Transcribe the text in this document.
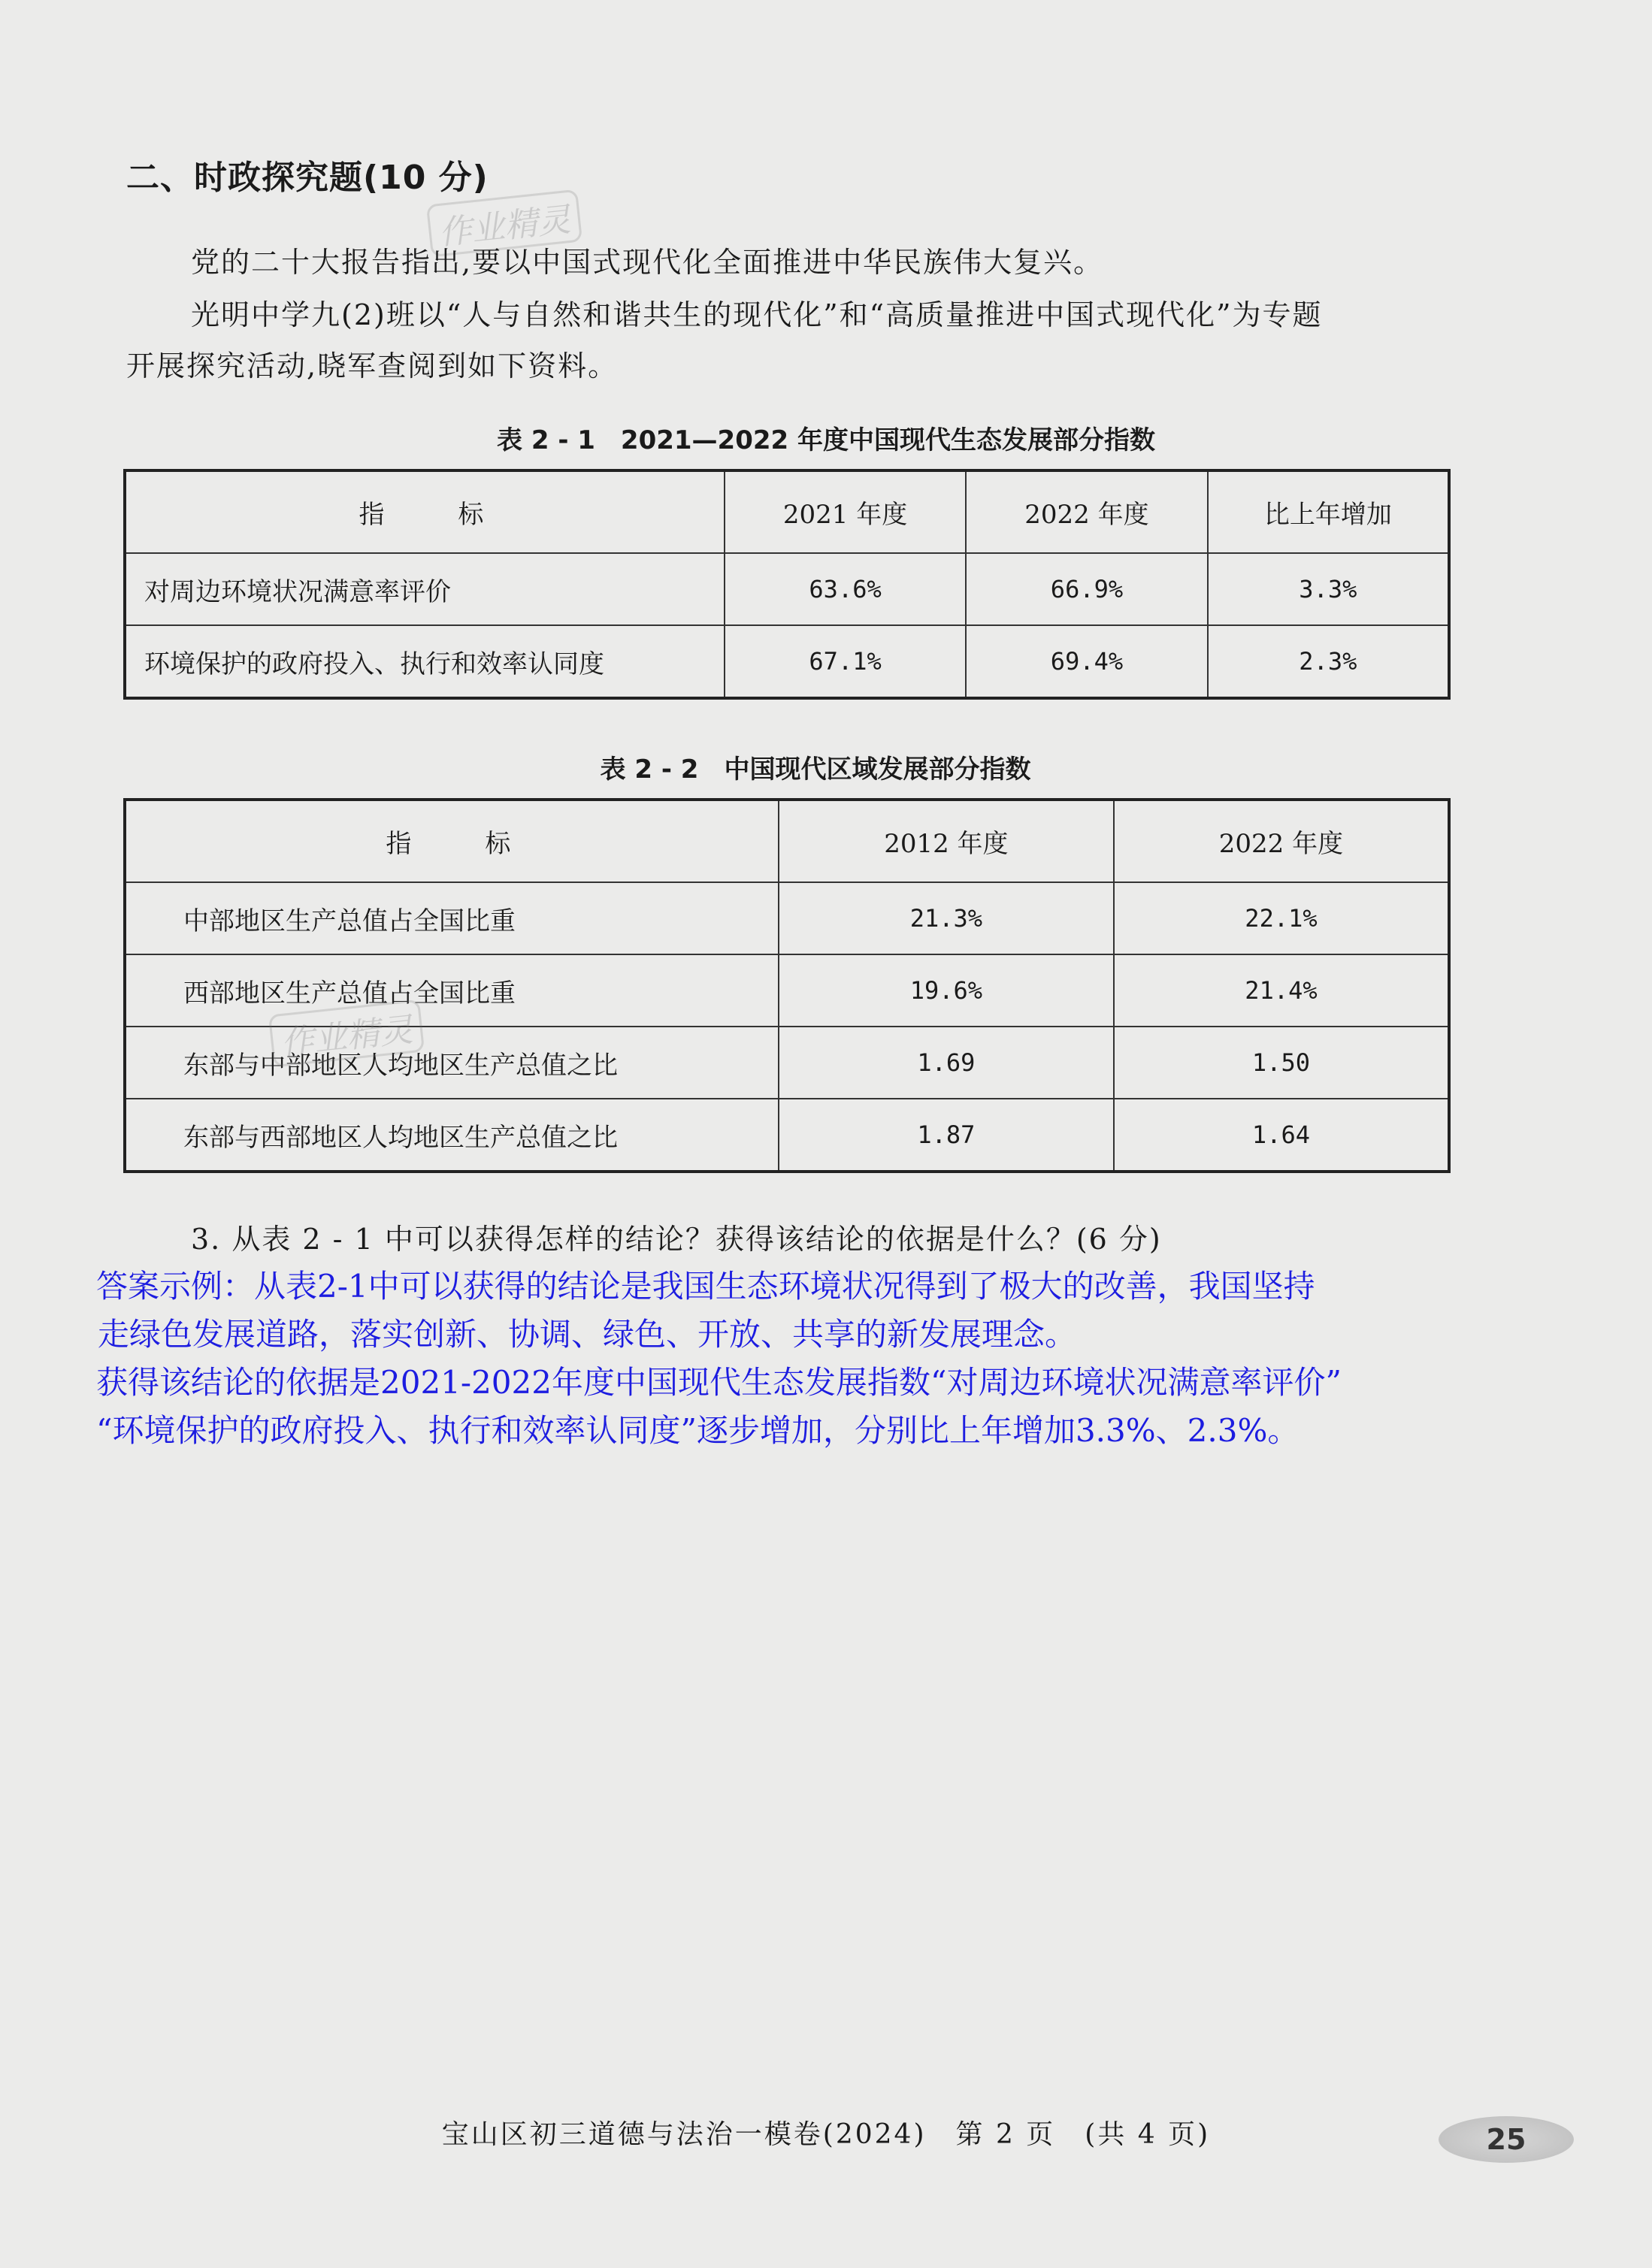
二、时政探究题(10 分)
作业精灵
党的二十大报告指出,要以中国式现代化全面推进中华民族伟大复兴。
光明中学九(2)班以“人与自然和谐共生的现代化”和“高质量推进中国式现代化”为专题
开展探究活动,晓军查阅到如下资料。
表 2 - 1　2021—2022 年度中国现代生态发展部分指数
指　　标	2021 年度	2022 年度	比上年增加
对周边环境状况满意率评价	63.6%	66.9%	3.3%
环境保护的政府投入、执行和效率认同度	67.1%	69.4%	2.3%
表 2 - 2　中国现代区域发展部分指数
指　　标	2012 年度	2022 年度
中部地区生产总值占全国比重	21.3%	22.1%
西部地区生产总值占全国比重	19.6%	21.4%
东部与中部地区人均地区生产总值之比	1.69	1.50
东部与西部地区人均地区生产总值之比	1.87	1.64
作业精灵
3. 从表 2 - 1 中可以获得怎样的结论？获得该结论的依据是什么？(6 分)

答案示例：从表2-1中可以获得的结论是我国生态环境状况得到了极大的改善，我国坚持

走绿色发展道路，落实创新、协调、绿色、开放、共享的新发展理念。

获得该结论的依据是2021-2022年度中国现代生态发展指数“对周边环境状况满意率评价”

“环境保护的政府投入、执行和效率认同度”逐步增加，分别比上年增加3.3%、2.3%。

宝山区初三道德与法治一模卷(2024)　第 2 页　(共 4 页)	25
